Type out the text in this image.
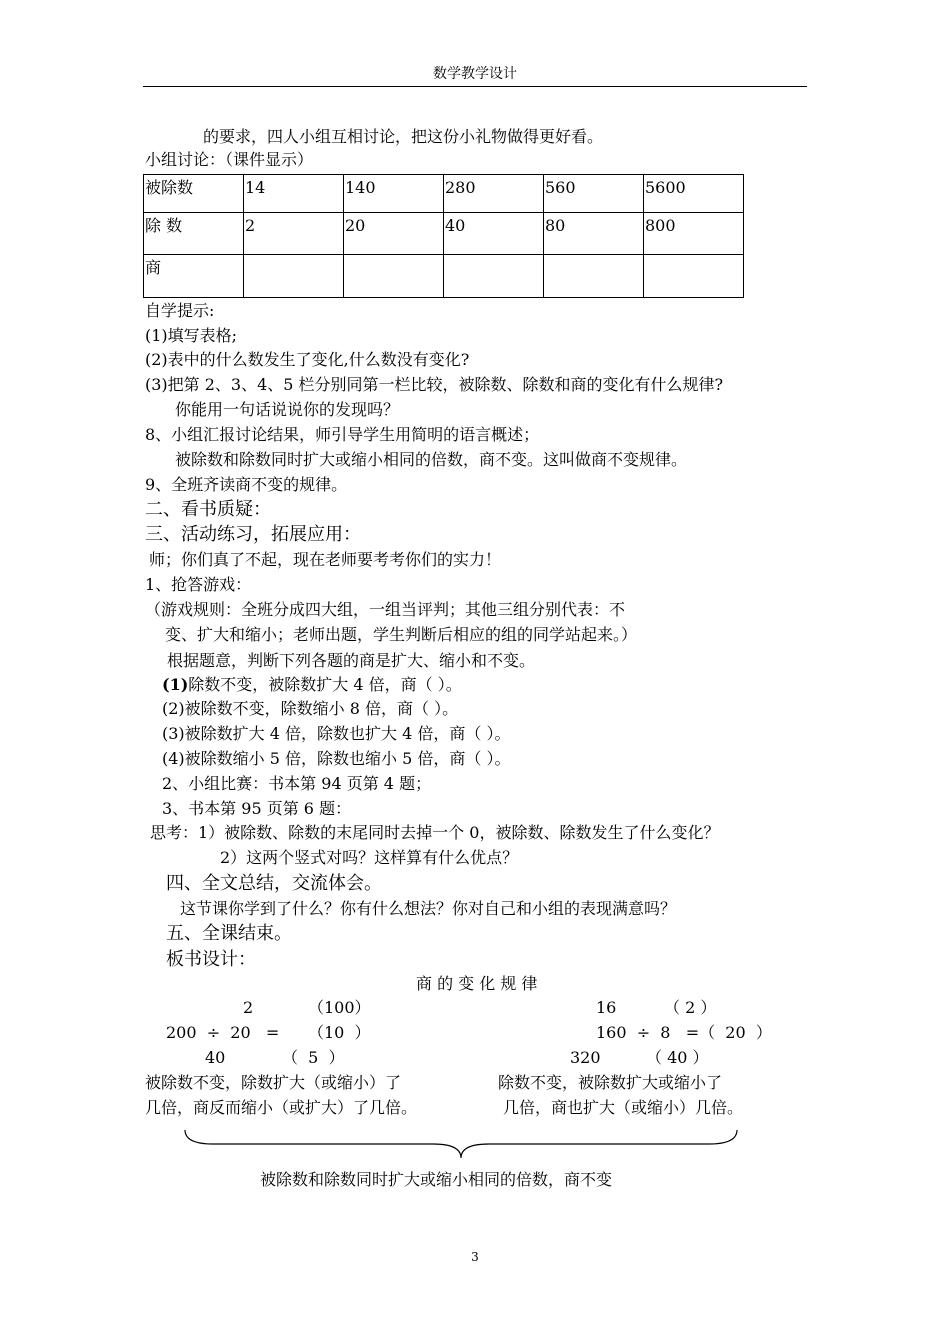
数学教学设计
的要求，四人小组互相讨论，把这份小礼物做得更好看。
小组讨论：（课件显示）
被除数	14	140	280	560	5600
除 数	2	20	40	80	800
商					
自学提示:
(1)填写表格;
(2)表中的什么数发生了变化,什么数没有变化?
(3)把第 2、3、4、5 栏分别同第一栏比较，被除数、除数和商的变化有什么规律?
你能用一句话说说你的发现吗？
8、小组汇报讨论结果，师引导学生用简明的语言概述；
被除数和除数同时扩大或缩小相同的倍数，商不变。这叫做商不变规律。
9、全班齐读商不变的规律。
二、看书质疑：
三、活动练习，拓展应用：
师；你们真了不起，现在老师要考考你们的实力！
1、抢答游戏：
（游戏规则：全班分成四大组，一组当评判；其他三组分别代表：不
变、扩大和缩小；老师出题，学生判断后相应的组的同学站起来。）
根据题意，判断下列各题的商是扩大、缩小和不变。
(1)除数不变，被除数扩大 4 倍，商（ ）。
(2)被除数不变，除数缩小 8 倍，商（ ）。
(3)被除数扩大 4 倍，除数也扩大 4 倍，商（ ）。
(4)被除数缩小 5 倍，除数也缩小 5 倍，商（ ）。
2、小组比赛：书本第 94 页第 4 题；
3、书本第 95 页第 6 题：
思考：1）被除数、除数的末尾同时去掉一个 0，被除数、除数发生了什么变化？
2）这两个竖式对吗？这样算有什么优点？
四、全文总结，交流体会。
这节课你学到了什么？你有什么想法？你对自己和小组的表现满意吗？
五、全课结束。
板书设计：
商 的 变 化 规 律
2	（100）
200  ÷  20   = （10  ）
40	（  5  ）
16	（ 2 ）
160  ÷  8   =（  20  ）
320	（ 40 ）
被除数不变，除数扩大（或缩小）了
几倍，商反而缩小（或扩大）了几倍。
除数不变，被除数扩大或缩小了
几倍，商也扩大（或缩小）几倍。
被除数和除数同时扩大或缩小相同的倍数，商不变
3
